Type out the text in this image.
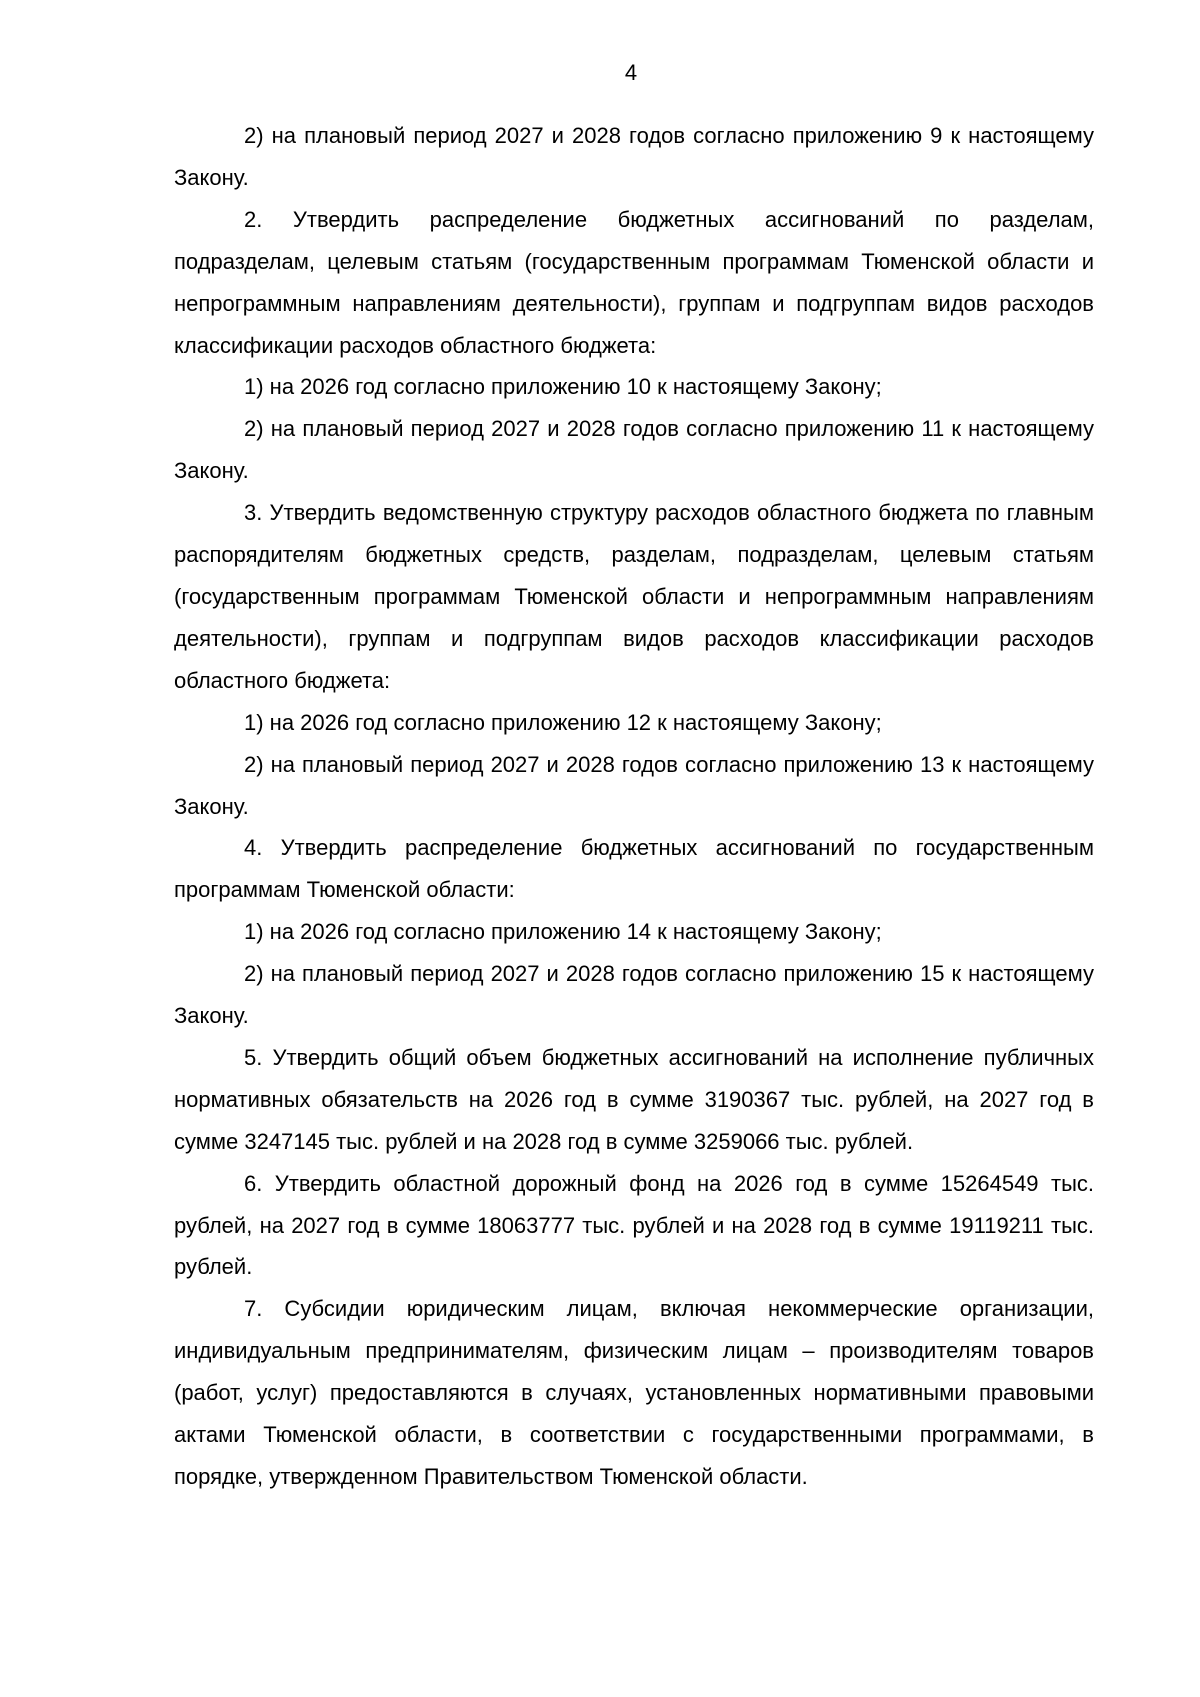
4

2) на плановый период 2027 и 2028 годов согласно приложению 9 к настоящему Закону.

2. Утвердить распределение бюджетных ассигнований по разделам, подразделам, целевым статьям (государственным программам Тюменской области и непрограммным направлениям деятельности), группам и подгруппам видов расходов классификации расходов областного бюджета:

1) на 2026 год согласно приложению 10 к настоящему Закону;

2) на плановый период 2027 и 2028 годов согласно приложению 11 к настоящему Закону.

3. Утвердить ведомственную структуру расходов областного бюджета по главным распорядителям бюджетных средств, разделам, подразделам, целевым статьям (государственным программам Тюменской области и непрограммным направлениям деятельности), группам и подгруппам видов расходов классификации расходов областного бюджета:

1) на 2026 год согласно приложению 12 к настоящему Закону;

2) на плановый период 2027 и 2028 годов согласно приложению 13 к настоящему Закону.

4. Утвердить распределение бюджетных ассигнований по государственным программам Тюменской области:

1) на 2026 год согласно приложению 14 к настоящему Закону;

2) на плановый период 2027 и 2028 годов согласно приложению 15 к настоящему Закону.

5. Утвердить общий объем бюджетных ассигнований на исполнение публичных нормативных обязательств на 2026 год в сумме 3190367 тыс. рублей, на 2027 год в сумме 3247145 тыс. рублей и на 2028 год в сумме 3259066 тыс. рублей.

6. Утвердить областной дорожный фонд на 2026 год в сумме 15264549 тыс. рублей, на 2027 год в сумме 18063777 тыс. рублей и на 2028 год в сумме 19119211 тыс. рублей.

7. Субсидии юридическим лицам, включая некоммерческие организации, индивидуальным предпринимателям, физическим лицам – производителям товаров (работ, услуг) предоставляются в случаях, установленных нормативными правовыми актами Тюменской области, в соответствии с государственными программами, в порядке, утвержденном Правительством Тюменской области.
